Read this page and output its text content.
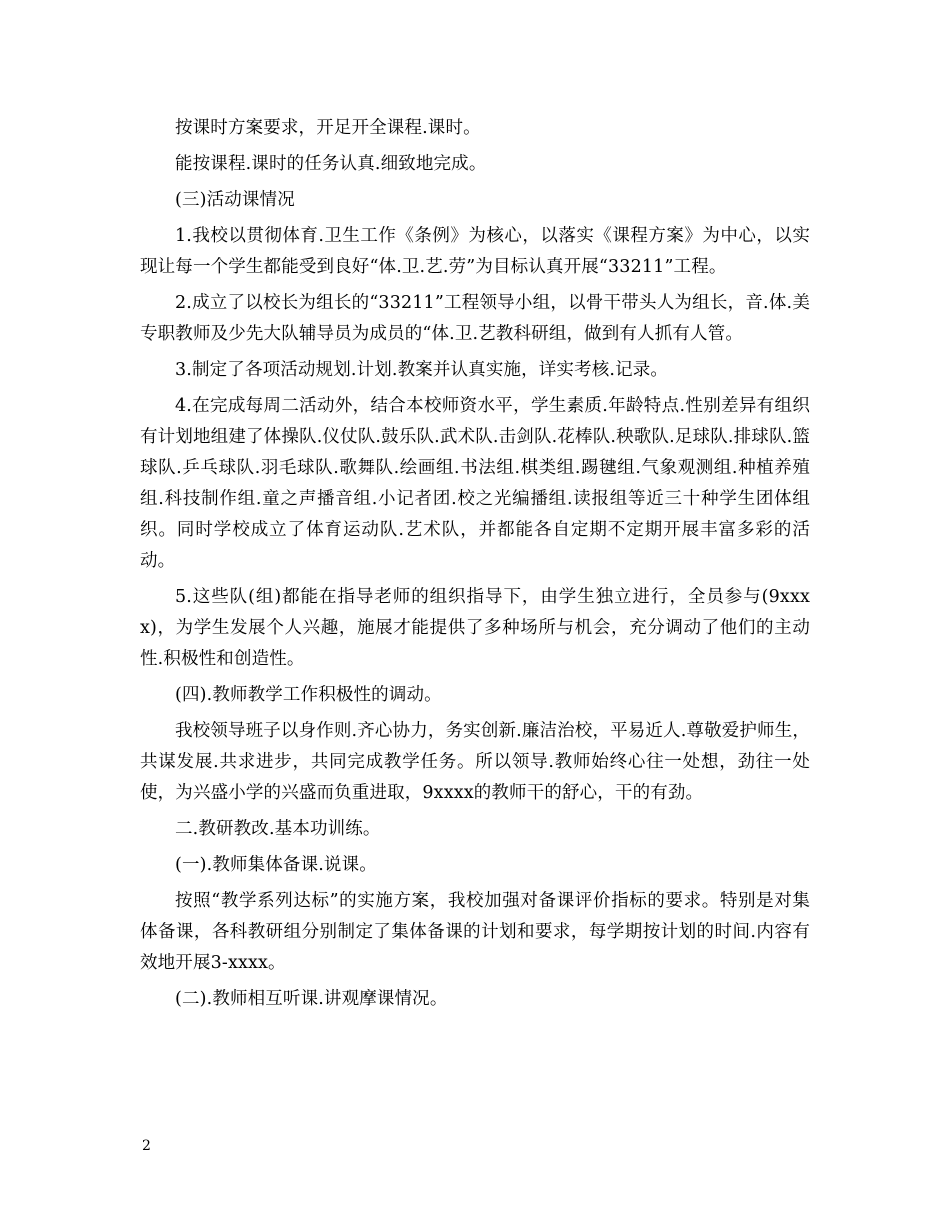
按课时方案要求，开足开全课程.课时。

能按课程.课时的任务认真.细致地完成。

(三)活动课情况

1.我校以贯彻体育.卫生工作《条例》为核心，以落实《课程方案》为中心，以实现让每一个学生都能受到良好“体.卫.艺.劳”为目标认真开展“33211”工程。

2.成立了以校长为组长的“33211”工程领导小组，以骨干带头人为组长，音.体.美专职教师及少先大队辅导员为成员的“体.卫.艺教科研组，做到有人抓有人管。

3.制定了各项活动规划.计划.教案并认真实施，详实考核.记录。

4.在完成每周二活动外，结合本校师资水平，学生素质.年龄特点.性别差异有组织有计划地组建了体操队.仪仗队.鼓乐队.武术队.击剑队.花棒队.秧歌队.足球队.排球队.篮球队.乒乓球队.羽毛球队.歌舞队.绘画组.书法组.棋类组.踢毽组.气象观测组.种植养殖组.科技制作组.童之声播音组.小记者团.校之光编播组.读报组等近三十种学生团体组织。同时学校成立了体育运动队.艺术队，并都能各自定期不定期开展丰富多彩的活动。

5.这些队(组)都能在指导老师的组织指导下，由学生独立进行，全员参与(9xxxx)，为学生发展个人兴趣，施展才能提供了多种场所与机会，充分调动了他们的主动性.积极性和创造性。

(四).教师教学工作积极性的调动。

我校领导班子以身作则.齐心协力，务实创新.廉洁治校，平易近人.尊敬爱护师生，共谋发展.共求进步，共同完成教学任务。所以领导.教师始终心往一处想，劲往一处使，为兴盛小学的兴盛而负重进取，9xxxx的教师干的舒心，干的有劲。

二.教研教改.基本功训练。

(一).教师集体备课.说课。

按照“教学系列达标”的实施方案，我校加强对备课评价指标的要求。特别是对集体备课，各科教研组分别制定了集体备课的计划和要求，每学期按计划的时间.内容有效地开展3-xxxx。

(二).教师相互听课.讲观摩课情况。

2
